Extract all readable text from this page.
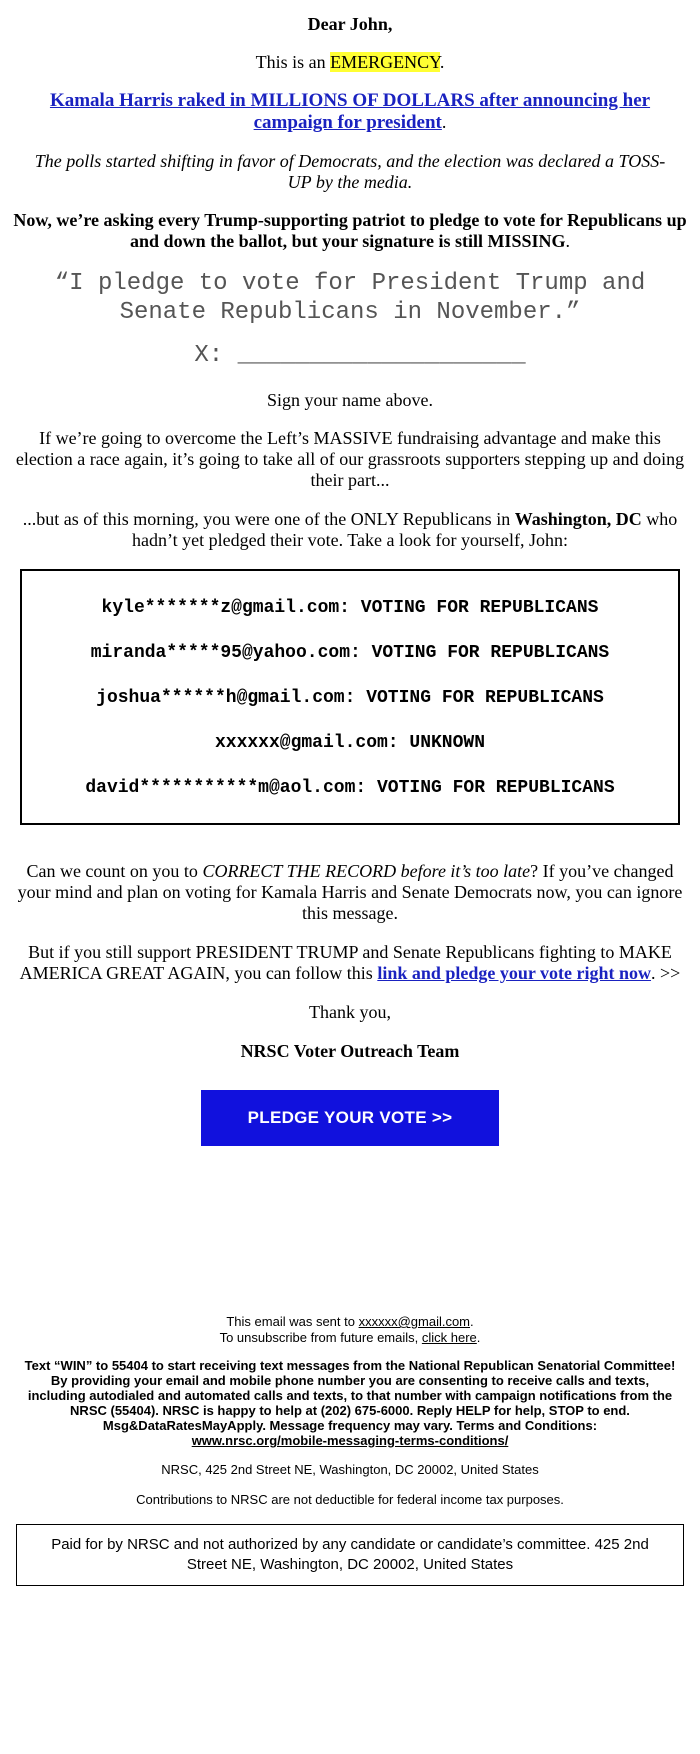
Dear John,

This is an EMERGENCY.

Kamala Harris raked in MILLIONS OF DOLLARS after announcing her campaign for president.

The polls started shifting in favor of Democrats, and the election was declared a TOSS-UP by the media.

Now, we’re asking every Trump-supporting patriot to pledge to vote for Republicans up and down the ballot, but your signature is still MISSING.

“I pledge to vote for President Trump and Senate Republicans in November.”

X: ____________________

Sign your name above.

If we’re going to overcome the Left’s MASSIVE fundraising advantage and make this election a race again, it’s going to take all of our grassroots supporters stepping up and doing their part...

...but as of this morning, you were one of the ONLY Republicans in Washington, DC who hadn’t yet pledged their vote. Take a look for yourself, John:

kyle*******z@gmail.com: VOTING FOR REPUBLICANS

miranda*****95@yahoo.com: VOTING FOR REPUBLICANS

joshua******h@gmail.com: VOTING FOR REPUBLICANS

xxxxxx@gmail.com: UNKNOWN

david***********m@aol.com: VOTING FOR REPUBLICANS

Can we count on you to CORRECT THE RECORD before it’s too late? If you’ve changed your mind and plan on voting for Kamala Harris and Senate Democrats now, you can ignore this message.

But if you still support PRESIDENT TRUMP and Senate Republicans fighting to MAKE AMERICA GREAT AGAIN, you can follow this link and pledge your vote right now. >>

Thank you,

NRSC Voter Outreach Team

PLEDGE YOUR VOTE >>

This email was sent to xxxxxx@gmail.com.

To unsubscribe from future emails, click here.

Text “WIN” to 55404 to start receiving text messages from the National Republican Senatorial Committee! By providing your email and mobile phone number you are consenting to receive calls and texts, including autodialed and automated calls and texts, to that number with campaign notifications from the NRSC (55404). NRSC is happy to help at (202) 675-6000. Reply HELP for help, STOP to end. Msg&DataRatesMayApply. Message frequency may vary. Terms and Conditions:
www.nrsc.org/mobile-messaging-terms-conditions/

NRSC, 425 2nd Street NE, Washington, DC 20002, United States

Contributions to NRSC are not deductible for federal income tax purposes.

Paid for by NRSC and not authorized by any candidate or candidate’s committee. 425 2nd Street NE, Washington, DC 20002, United States
